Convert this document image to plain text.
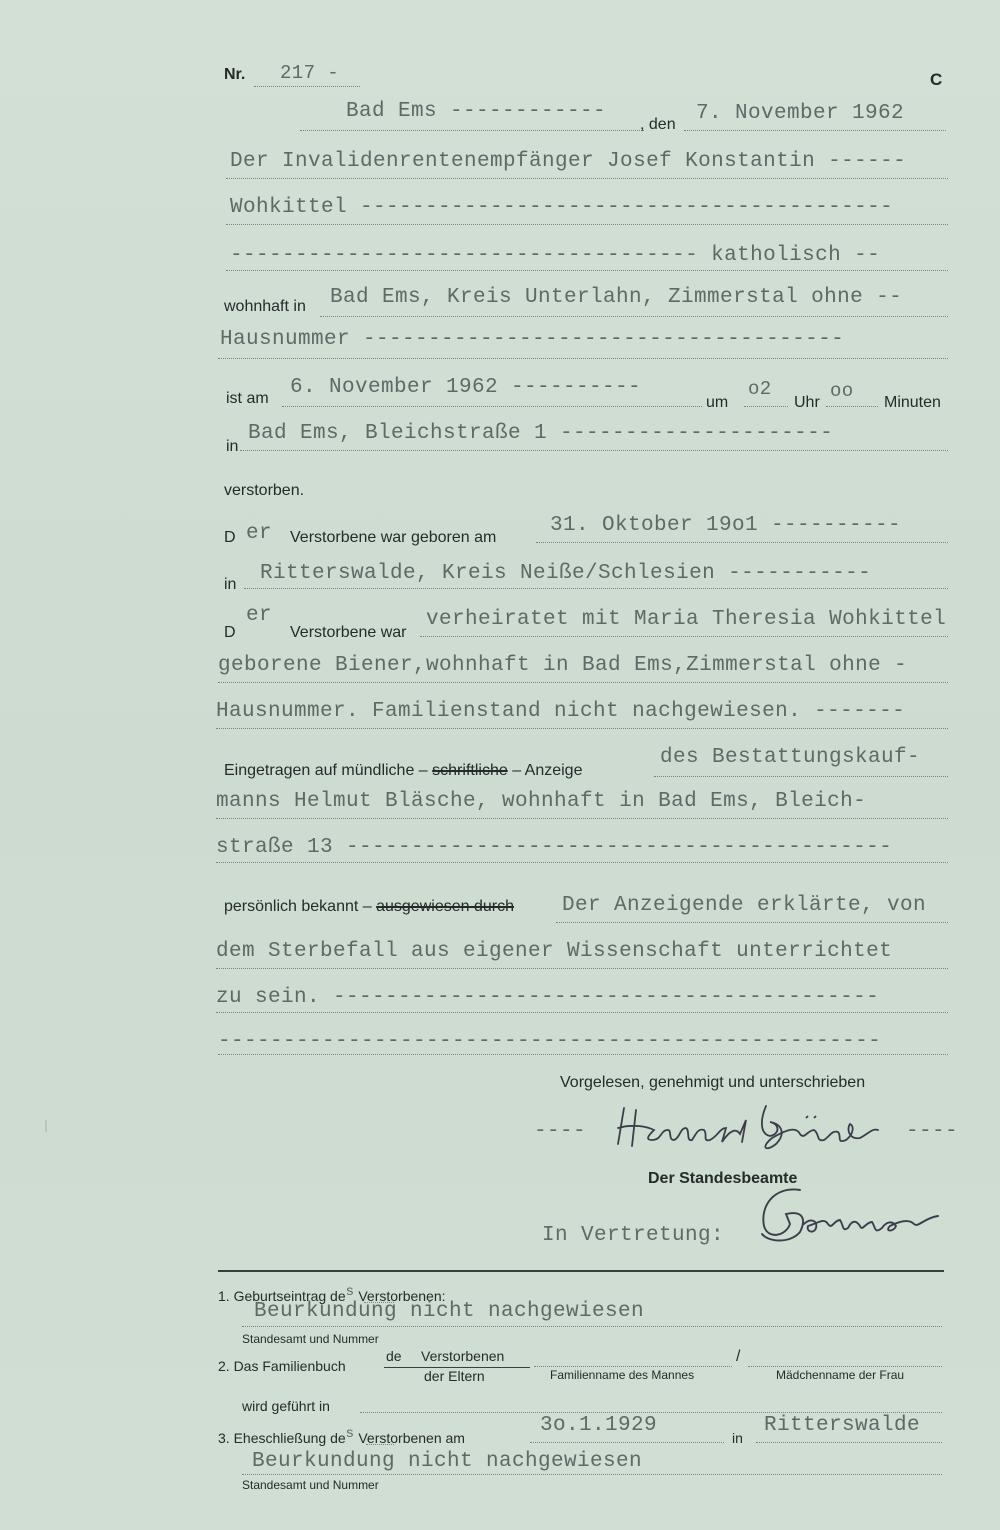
Nr. 217 -	C
Bad Ems ------------
, den 7. November 1962
Der Invalidenrentenempfänger Josef Konstantin ------
Wohkittel -----------------------------------------
------------------------------------ katholisch --
wohnhaft in Bad Ems, Kreis Unterlahn, Zimmerstal ohne --
Hausnummer -------------------------------------
ist am 6. November 1962 ----------
um
o2
Uhr
oo
Minuten
in
Bad Ems, Bleichstraße 1 ---------------------
verstorben.
D er Verstorbene war geboren am
31. Oktober 19o1 ----------
in Ritterswalde, Kreis Neiße/Schlesien -----------
D
er
Verstorbene war
verheiratet mit Maria Theresia Wohkittel
geborene Biener,wohnhaft in Bad Ems,Zimmerstal ohne -
Hausnummer. Familienstand nicht nachgewiesen. -------
Eingetragen auf mündliche – schriftliche – Anzeige
des Bestattungskauf-
manns Helmut Bläsche, wohnhaft in Bad Ems, Bleich-
straße 13 ------------------------------------------
persönlich bekannt – ausgewiesen durch Der Anzeigende erklärte, von
dem Sterbefall aus eigener Wissenschaft unterrichtet
zu sein. ------------------------------------------
---------------------------------------------------
Vorgelesen, genehmigt und unterschrieben
----	----
Der Standesbeamte
In Vertretung:
1. Geburtseintrag des Verstorbenen:
Beurkundung nicht nachgewiesen
Standesamt und Nummer
2. Das Familienbuch
de Verstorbenen
der Eltern	Familienname des Mannes
/
Mädchenname der Frau
wird geführt in
3. Eheschließung des Verstorbenen am
3o.1.1929
in
Ritterswalde
Beurkundung nicht nachgewiesen
Standesamt und Nummer
